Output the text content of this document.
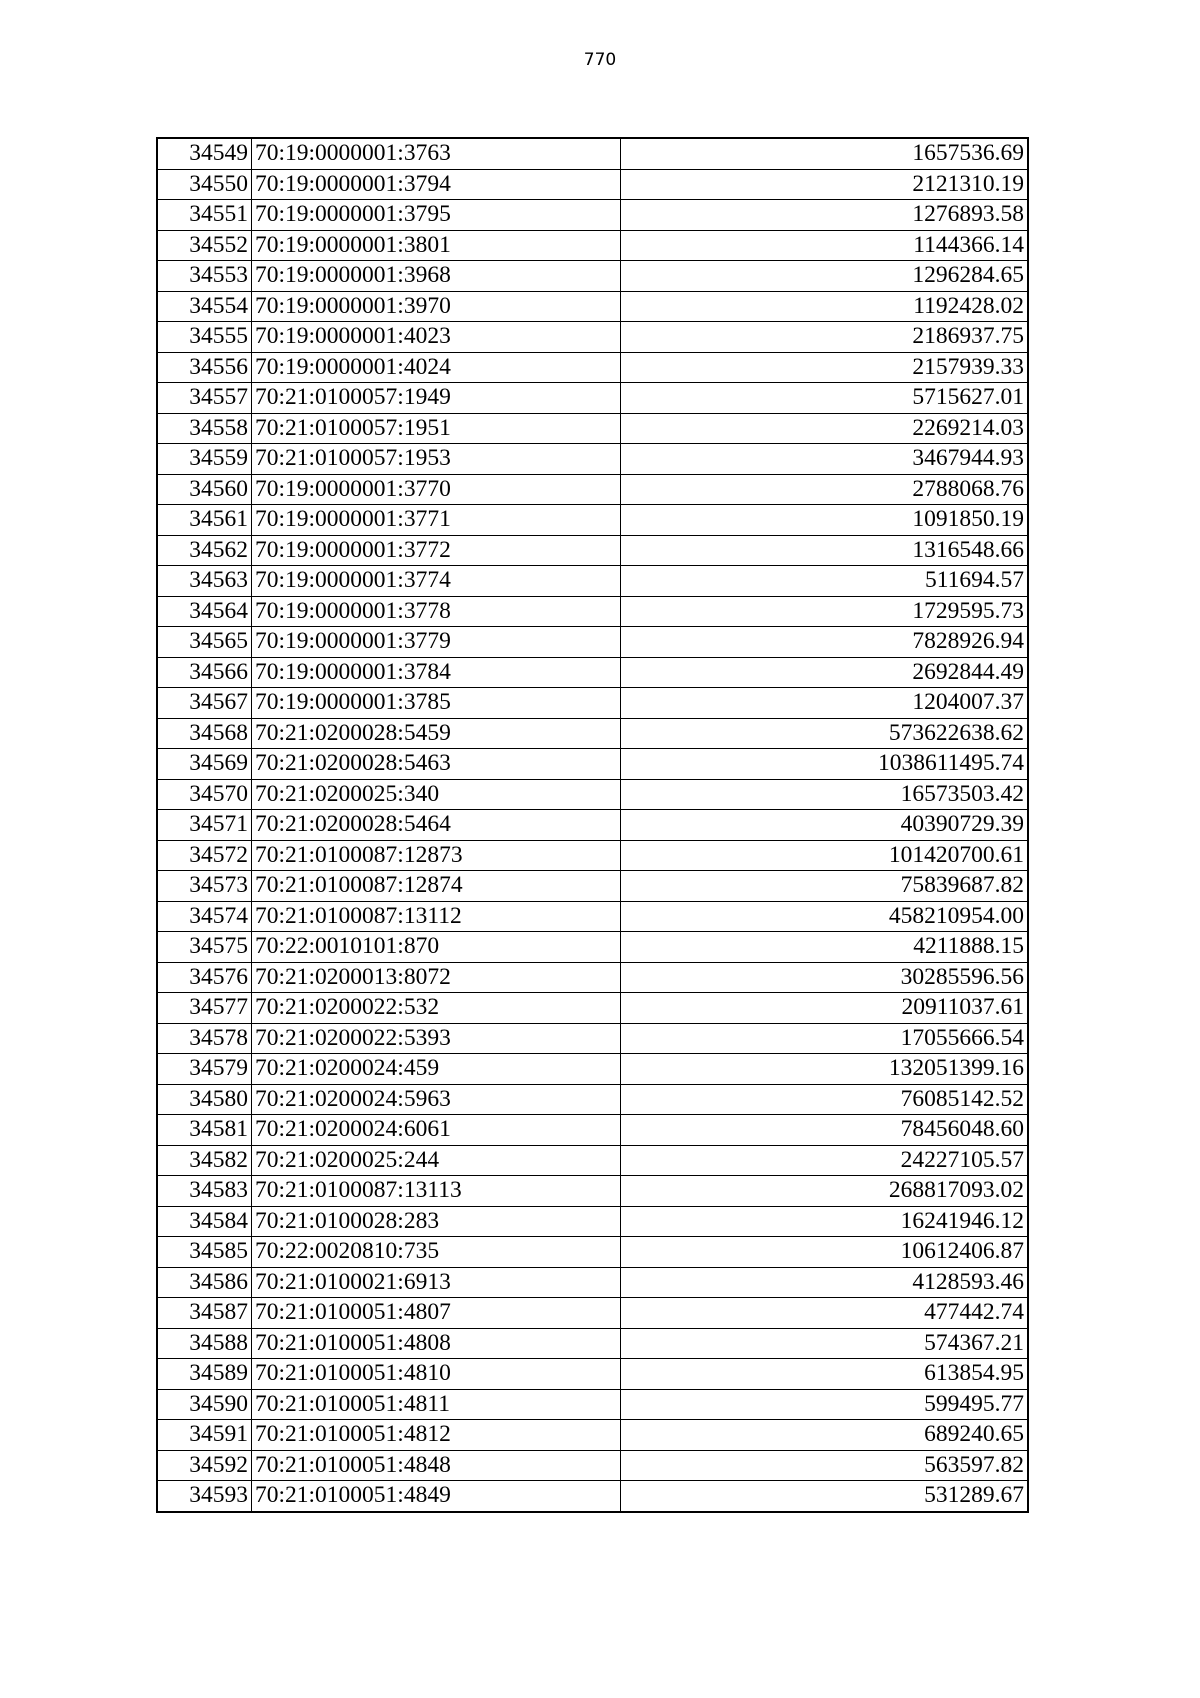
770
34549	70:19:0000001:3763	1657536.69
34550	70:19:0000001:3794	2121310.19
34551	70:19:0000001:3795	1276893.58
34552	70:19:0000001:3801	1144366.14
34553	70:19:0000001:3968	1296284.65
34554	70:19:0000001:3970	1192428.02
34555	70:19:0000001:4023	2186937.75
34556	70:19:0000001:4024	2157939.33
34557	70:21:0100057:1949	5715627.01
34558	70:21:0100057:1951	2269214.03
34559	70:21:0100057:1953	3467944.93
34560	70:19:0000001:3770	2788068.76
34561	70:19:0000001:3771	1091850.19
34562	70:19:0000001:3772	1316548.66
34563	70:19:0000001:3774	511694.57
34564	70:19:0000001:3778	1729595.73
34565	70:19:0000001:3779	7828926.94
34566	70:19:0000001:3784	2692844.49
34567	70:19:0000001:3785	1204007.37
34568	70:21:0200028:5459	573622638.62
34569	70:21:0200028:5463	1038611495.74
34570	70:21:0200025:340	16573503.42
34571	70:21:0200028:5464	40390729.39
34572	70:21:0100087:12873	101420700.61
34573	70:21:0100087:12874	75839687.82
34574	70:21:0100087:13112	458210954.00
34575	70:22:0010101:870	4211888.15
34576	70:21:0200013:8072	30285596.56
34577	70:21:0200022:532	20911037.61
34578	70:21:0200022:5393	17055666.54
34579	70:21:0200024:459	132051399.16
34580	70:21:0200024:5963	76085142.52
34581	70:21:0200024:6061	78456048.60
34582	70:21:0200025:244	24227105.57
34583	70:21:0100087:13113	268817093.02
34584	70:21:0100028:283	16241946.12
34585	70:22:0020810:735	10612406.87
34586	70:21:0100021:6913	4128593.46
34587	70:21:0100051:4807	477442.74
34588	70:21:0100051:4808	574367.21
34589	70:21:0100051:4810	613854.95
34590	70:21:0100051:4811	599495.77
34591	70:21:0100051:4812	689240.65
34592	70:21:0100051:4848	563597.82
34593	70:21:0100051:4849	531289.67
